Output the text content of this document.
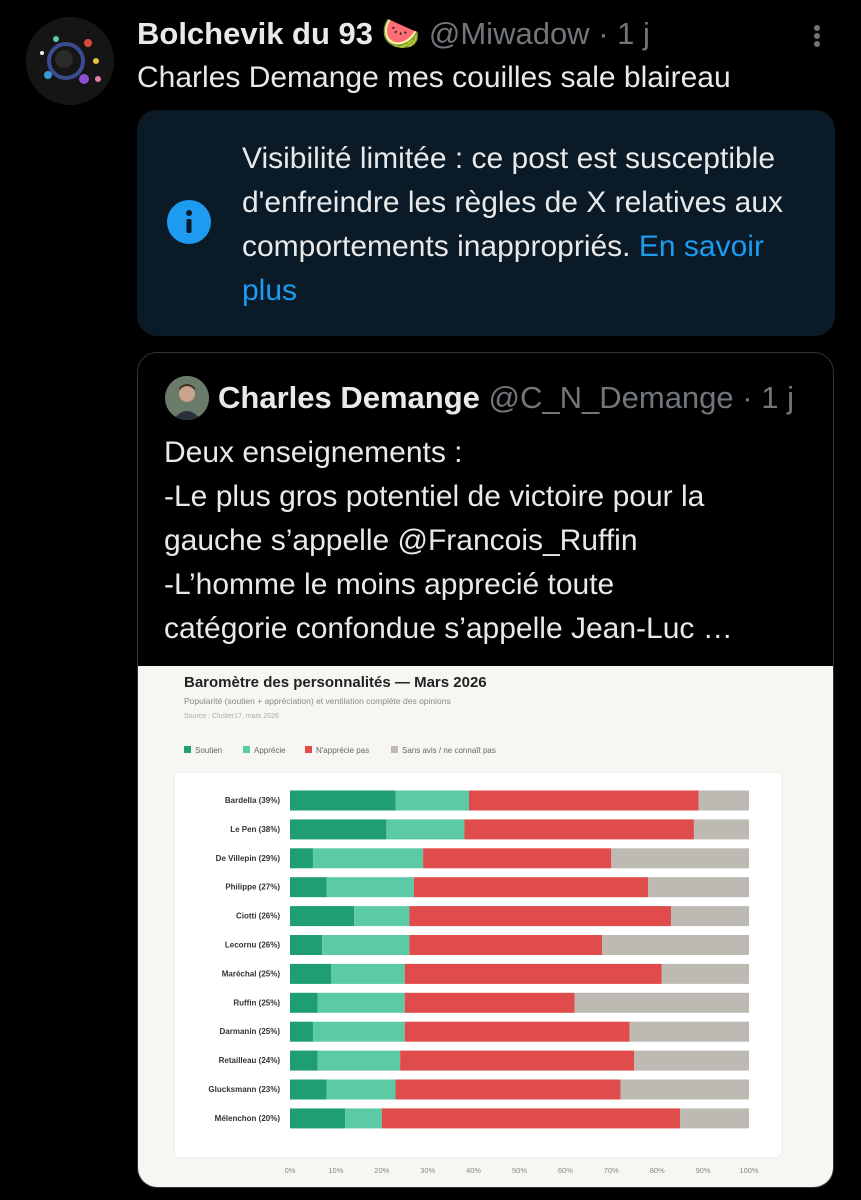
Bolchevik du 93 🍉 @Miwadow · 1 j
Charles Demange mes couilles sale blaireau
Visibilité limitée : ce post est susceptible d'enfreindre les règles de X relatives aux comportements inappropriés. En savoir plus
Charles Demange @C_N_Demange · 1 j
Deux enseignements :
-Le plus gros potentiel de victoire pour la
gauche s’appelle @Francois_Ruffin
-L’homme le moins apprecié toute
catégorie confondue s’appelle Jean-Luc …
Baromètre des personnalités — Mars 2026
Popularité (soutien + appréciation) et ventilation complète des opinions
Source : Cluster17, mars 2026
Soutien	Apprécie	N'apprécie pas	Sans avis / ne connaît pas
Bardella (39%)
Le Pen (38%)
De Villepin (29%)
Philippe (27%)
Ciotti (26%)
Lecornu (26%)
Maréchal (25%)
Ruffin (25%)
Darmanin (25%)
Retailleau (24%)
Glucksmann (23%)
Mélenchon (20%)
0%	10%	20%	30%	40%	50%	60%	70%	80%	90%	100%
